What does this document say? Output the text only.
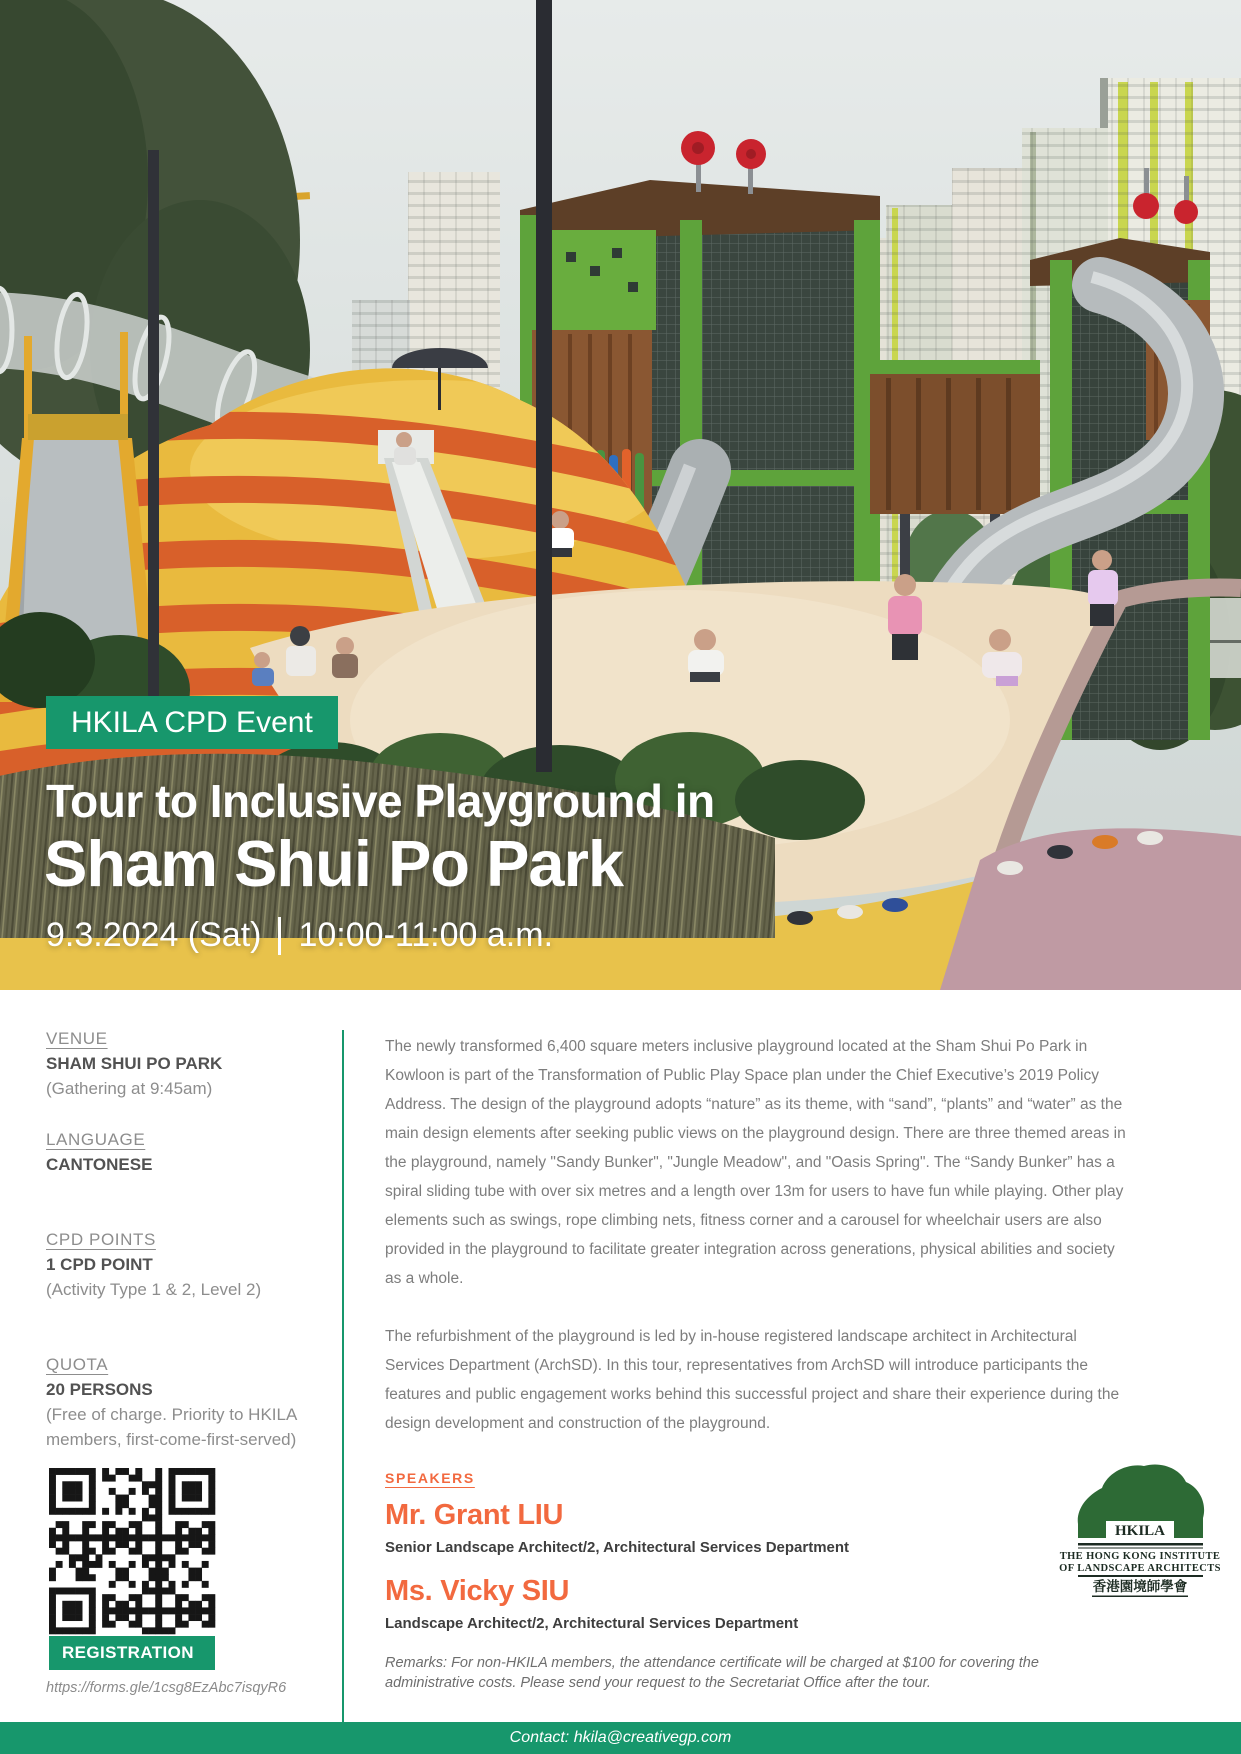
HKILA CPD Event
Tour to Inclusive Playground in
Sham Shui Po Park
9.3.2024 (Sat) 10:00-11:00 a.m.
VENUE
SHAM SHUI PO PARK
(Gathering at 9:45am)
LANGUAGE
CANTONESE
CPD POINTS
1 CPD POINT
(Activity Type 1 & 2, Level 2)
QUOTA
20 PERSONS
(Free of charge. Priority to HKILA members, first-come-first-served)
The newly transformed 6,400 square meters inclusive playground located at the Sham Shui Po Park in Kowloon is part of the Transformation of Public Play Space plan under the Chief Executive’s 2019 Policy Address. The design of the playground adopts “nature” as its theme, with “sand”, “plants” and “water” as the main design elements after seeking public views on the playground design. There are three themed areas in the playground, namely "Sandy Bunker", "Jungle Meadow", and "Oasis Spring". The “Sandy Bunker” has a spiral sliding tube with over six metres and a length over 13m for users to have fun while playing. Other play elements such as swings, rope climbing nets, fitness corner and a carousel for wheelchair users are also provided in the playground to facilitate greater integration across generations, physical abilities and society as a whole.
The refurbishment of the playground is led by in-house registered landscape architect in Architectural Services Department (ArchSD). In this tour, representatives from ArchSD will introduce participants the features and public engagement works behind this successful project and share their experience during the design development and construction of the playground.
SPEAKERS
Mr. Grant LIU
Senior Landscape Architect/2, Architectural Services Department
Ms. Vicky SIU
Landscape Architect/2, Architectural Services Department
REGISTRATION
https://forms.gle/1csg8EzAbc7isqyR6
HKILA
THE HONG KONG INSTITUTE
OF LANDSCAPE ARCHITECTS
香港園境師學會
Remarks: For non-HKILA members, the attendance certificate will be charged at $100 for covering the administrative costs. Please send your request to the Secretariat Office after the tour.
Contact: hkila@creativegp.com
